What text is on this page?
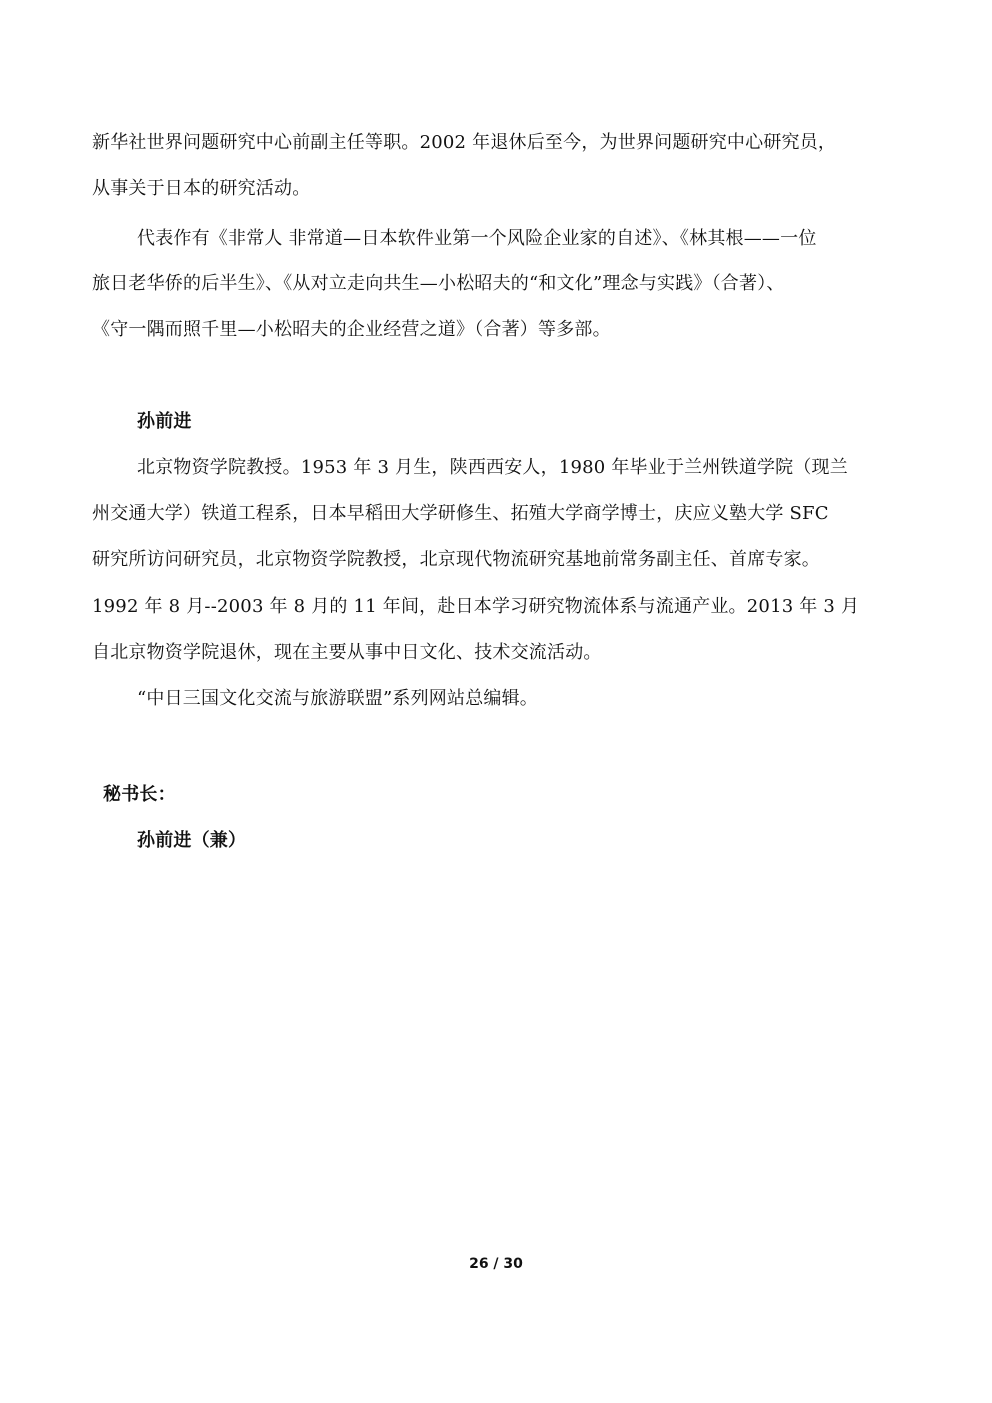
新华社世界问题研究中心前副主任等职。2002 年退休后至今，为世界问题研究中心研究员，
从事关于日本的研究活动。
代表作有《非常人 非常道—日本软件业第一个风险企业家的自述》、《林其根——一位
旅日老华侨的后半生》、《从对立走向共生—小松昭夫的“和文化”理念与实践》（合著）、
《守一隅而照千里—小松昭夫的企业经营之道》（合著）等多部。
孙前进
北京物资学院教授。1953 年 3 月生，陕西西安人，1980 年毕业于兰州铁道学院（现兰
州交通大学）铁道工程系，日本早稻田大学研修生、拓殖大学商学博士，庆应义塾大学 SFC
研究所访问研究员，北京物资学院教授，北京现代物流研究基地前常务副主任、首席专家。
1992 年 8 月--2003 年 8 月的 11 年间，赴日本学习研究物流体系与流通产业。2013 年 3 月
自北京物资学院退休，现在主要从事中日文化、技术交流活动。
“中日三国文化交流与旅游联盟”系列网站总编辑。
秘书长：
孙前进（兼）
26 / 30
